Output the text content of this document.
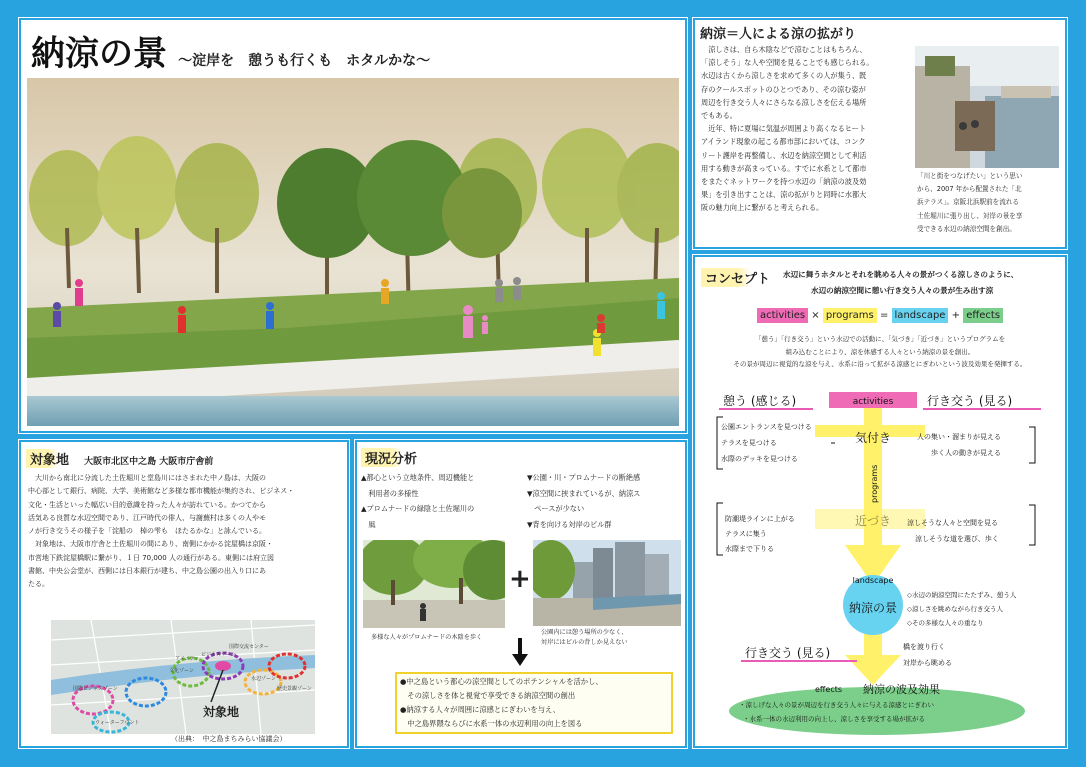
納涼の景 ～淀岸を　憩うも行くも　ホタルかな～
納涼＝人による涼の拡がり
　涼しさは、自ら木陰などで涼むことはもちろん、
「涼しそう」な人や空間を見ることでも感じられる。
水辺は古くから涼しさを求めて多くの人が集う、既
存のクールスポットのひとつであり、その涼む姿が
周辺を行き交う人々にさらなる涼しさを伝える場所
でもある。
　近年、特に夏場に気温が周囲より高くなるヒート
アイランド現象の起こる都市部においては、コンク
リート護岸を再整備し、水辺を納涼空間として利活
用する動きが高まっている。すでに水系として都市
をまたぐネットワークを持つ水辺の「納涼の波及効
果」を引き出すことは、涼の拡がりと同時に水都大
阪の魅力向上に繋がると考えられる。
「川と街をつなげたい」という思い
から、2007 年から配置された「北
浜テラス」。京阪北浜駅前を流れる
土佐堀川に張り出し、対岸の景を享
受できる水辺の納涼空間を創出。
対象地 大阪市北区中之島 大阪市庁舎前
　大川から南北に分流した土佐堀川と堂島川にはさまれた中ノ島は、大阪の
中心部として銀行、病院、大学、美術館など多様な都市機能が集約され、ビジネス・
文化・生活といった幅広い目的意識を持った人々が訪れている。かつてから
活気ある良質な水辺空間であり、江戸時代の俳人、与謝蕪村は多くの人やモ
ノが行き交うその様子を「淀船の　棹の雫も　ほたるかな」と詠んでいる。
　対象地は、大阪市庁舎と土佐堀川の間にあり、南側にかかる淀屋橋は京阪・
市営地下鉄淀屋橋駅に繋がり、１日 70,000 人の通行がある。東側には府立図
書館、中央公会堂が、西側には日本銀行が建ち、中之島公園の出入り口にあ
たる。
対象地
文化ゾーン
アメニティ
ビジネスゾーン
国際ビジネスゾーン
国際交流センター
ウォーターフロント
歴史景観ゾーン
水辺ゾーン
（出典：　中之島まちみらい協議会）
現況分析
▲都心という立地条件、周辺機能と
　利用者の多様性
▲プロムナードの緑陰と土佐堀川の
　風
▼公園・川・プロムナードの断絶感
▼涼空間に挟まれているが、納涼ス
　ペースが少ない
▼背を向ける対岸のビル群
多様な人々がプロムナードの木陰を歩く
+
公園内には憩う場所の少なく、
対岸にはビルの背しか見えない
●中之島という都心の涼空間としてのポテンシャルを活かし、
　その涼しさを体と視覚で享受できる納涼空間の創出
●納涼する人々が周囲に涼感とにぎわいを与え、
　中之島界隈ならびに水系一体の水辺利用の向上を図る
コンセプト	水辺に舞うホタルとそれを眺める人々の景がつくる涼しさのように、
水辺の納涼空間に憩い行き交う人々の景が生み出す涼
activities × programs = landscape + effects
「憩う」「行き交う」という水辺での活動に、「気づき」「近づき」というプログラムを
組み込むことにより、涼を体感する人々という納涼の景を創出。
その景が周辺に視覚的な涼を与え、水系に沿って拡がる涼感とにぎわいという波及効果を発揮する。
憩う (感じる)	activities	行き交う (見る)
気付き
公園エントランスを見つける
テラスを見つける
水際のデッキを見つける
人の集い・溜まりが見える
歩く人の動きが見える
programs
防潮堤ラインに上がる
テラスに集う
水際まで下りる
涼しそうな人々と空間を見る
涼しそうな道を選び、歩く
landscape
納涼の景
◇水辺の納涼空間にたたずみ、憩う人
◇涼しさを眺めながら行き交う人
◇その多様な人々の重なり
行き交う (見る)	橋を渡り行く
対岸から眺める
effects 納涼の波及効果
・涼しげな人々の景が周辺を行き交う人々に与える涼感とにぎわい
・水系一体の水辺利用の向上し、涼しさを享受する場が拡がる
